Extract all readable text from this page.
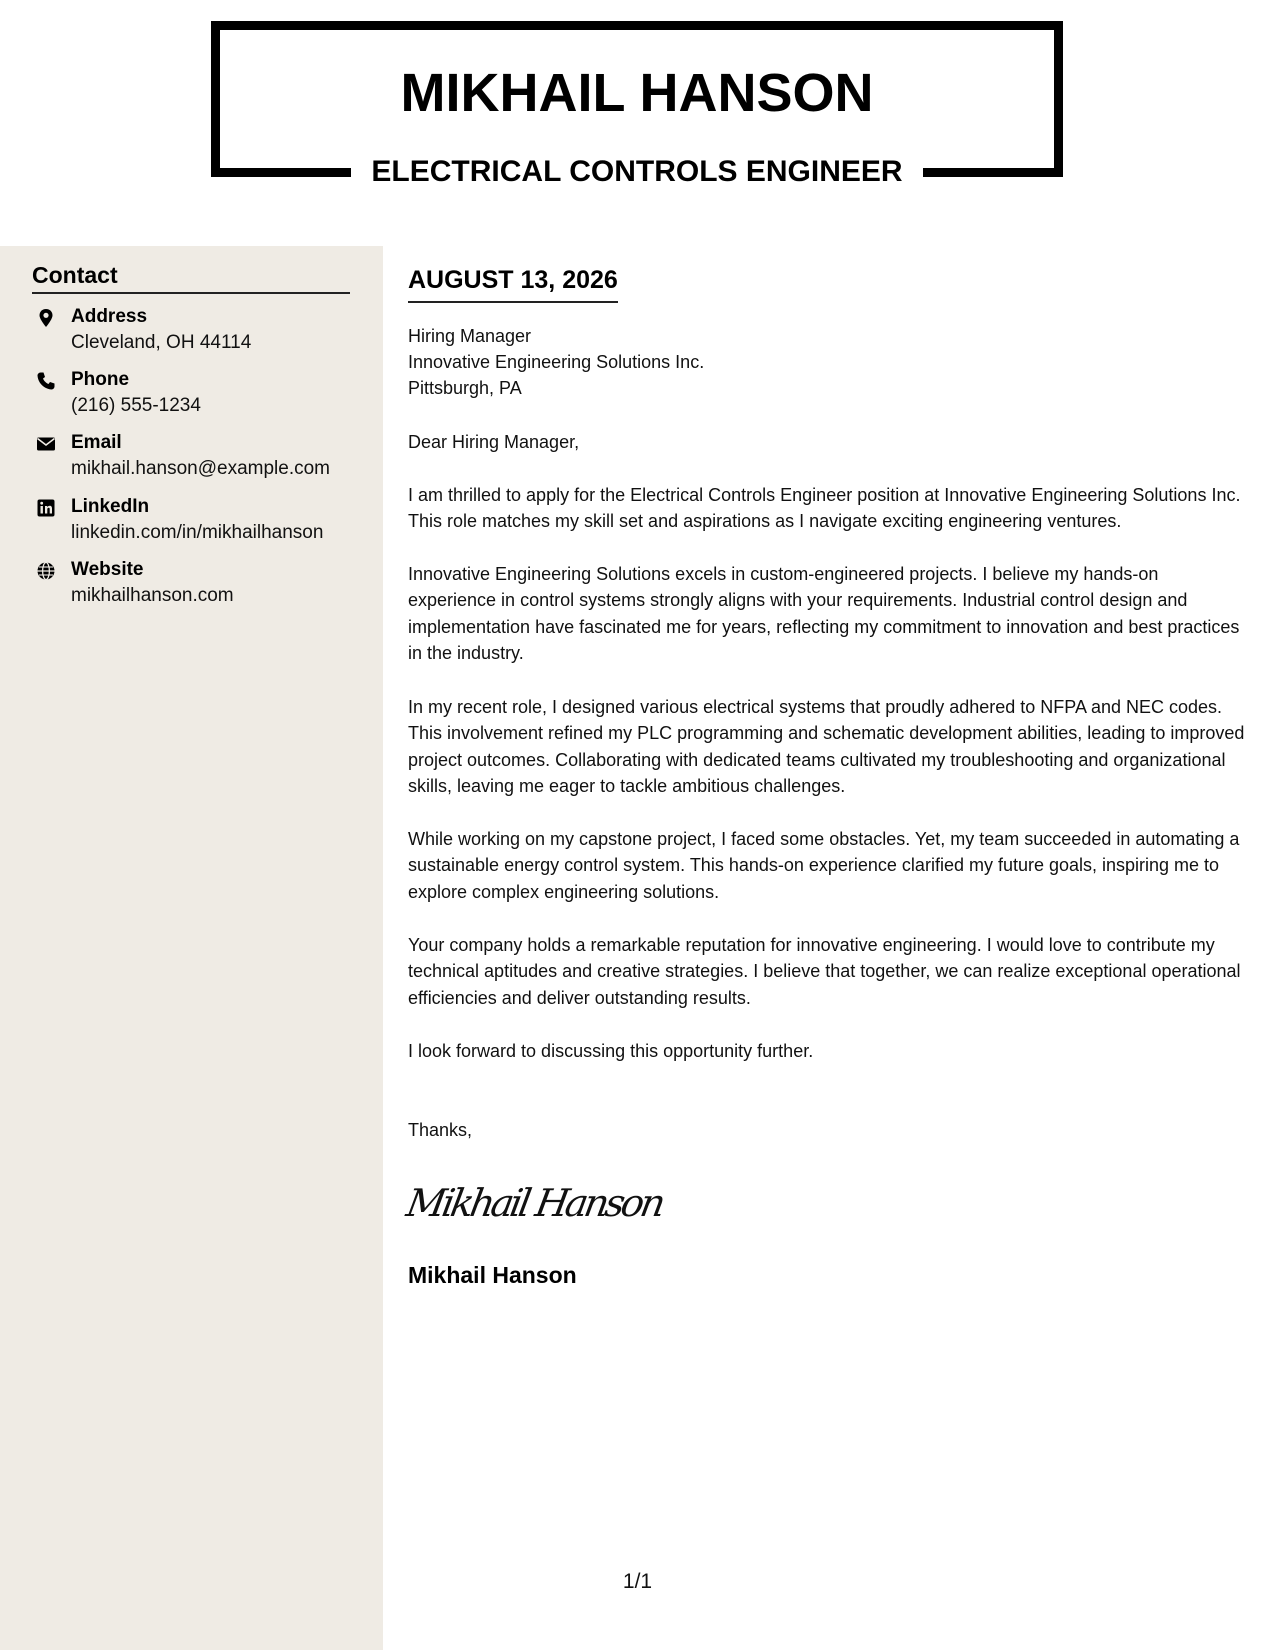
MIKHAIL HANSON
ELECTRICAL CONTROLS ENGINEER
Contact
Address
Cleveland, OH 44114
Phone
(216) 555-1234
Email
mikhail.hanson@example.com
LinkedIn
linkedin.com/in/mikhailhanson
Website
mikhailhanson.com
AUGUST 13, 2026
Hiring Manager
Innovative Engineering Solutions Inc.
Pittsburgh, PA

Dear Hiring Manager,

I am thrilled to apply for the Electrical Controls Engineer position at Innovative Engineering Solutions Inc. This role matches my skill set and aspirations as I navigate exciting engineering ventures.

Innovative Engineering Solutions excels in custom-engineered projects. I believe my hands-on experience in control systems strongly aligns with your requirements. Industrial control design and implementation have fascinated me for years, reflecting my commitment to innovation and best practices in the industry.

In my recent role, I designed various electrical systems that proudly adhered to NFPA and NEC codes. This involvement refined my PLC programming and schematic development abilities, leading to improved project outcomes. Collaborating with dedicated teams cultivated my troubleshooting and organizational skills, leaving me eager to tackle ambitious challenges.

While working on my capstone project, I faced some obstacles. Yet, my team succeeded in automating a sustainable energy control system. This hands-on experience clarified my future goals, inspiring me to explore complex engineering solutions.

Your company holds a remarkable reputation for innovative engineering. I would love to contribute my technical aptitudes and creative strategies. I believe that together, we can realize exceptional operational efficiencies and deliver outstanding results.

I look forward to discussing this opportunity further.

Thanks,
Mikhail Hanson
Mikhail Hanson
1/1
